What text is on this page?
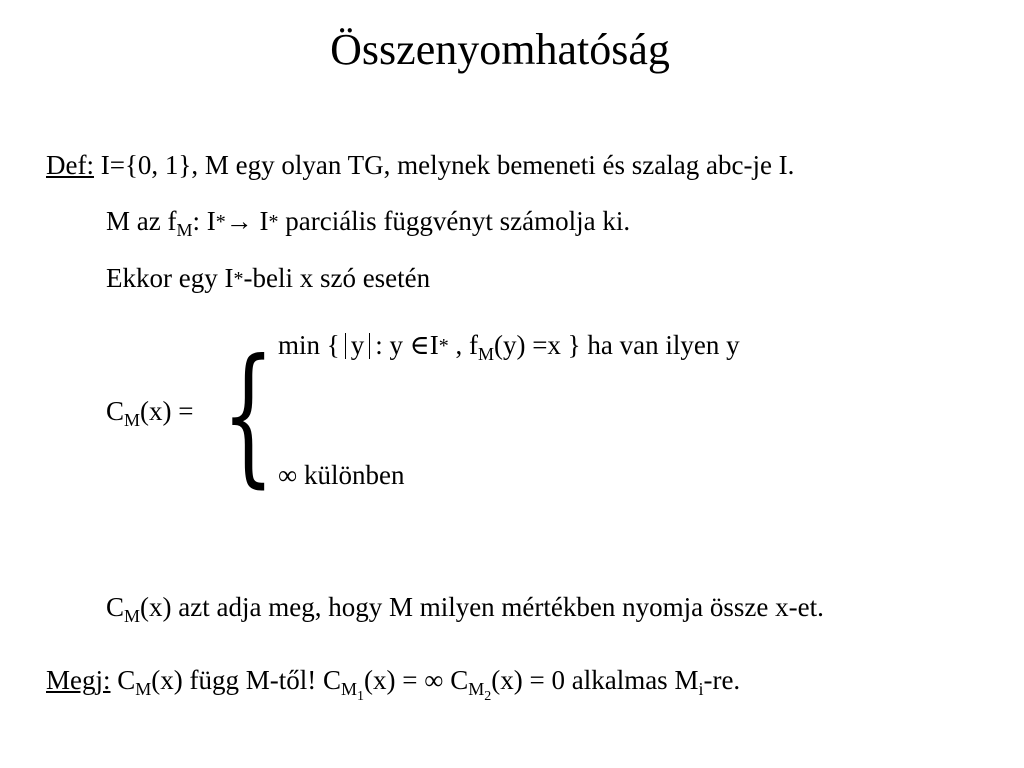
Összenyomhatóság
Def: I={0, 1}, M egy olyan TG, melynek bemeneti és szalag abc-je I.
M az $f_M$: I*→ I* parciális függvényt számolja ki.
Ekkor egy I*-beli x szó esetén
min { y : y ∈I* , $f_M(y) =x$ } ha van ilyen y
$C_M(x)$ = { ∞ különben
$C_M(x)$ azt adja meg, hogy M milyen mértékben nyomja össze x-et.
Megj: $C_M(x)$ függ M-től! $C_{M_1}(x)$ = ∞ $C_{M_2}(x) = 0$ alkalmas $M_i-re$.
